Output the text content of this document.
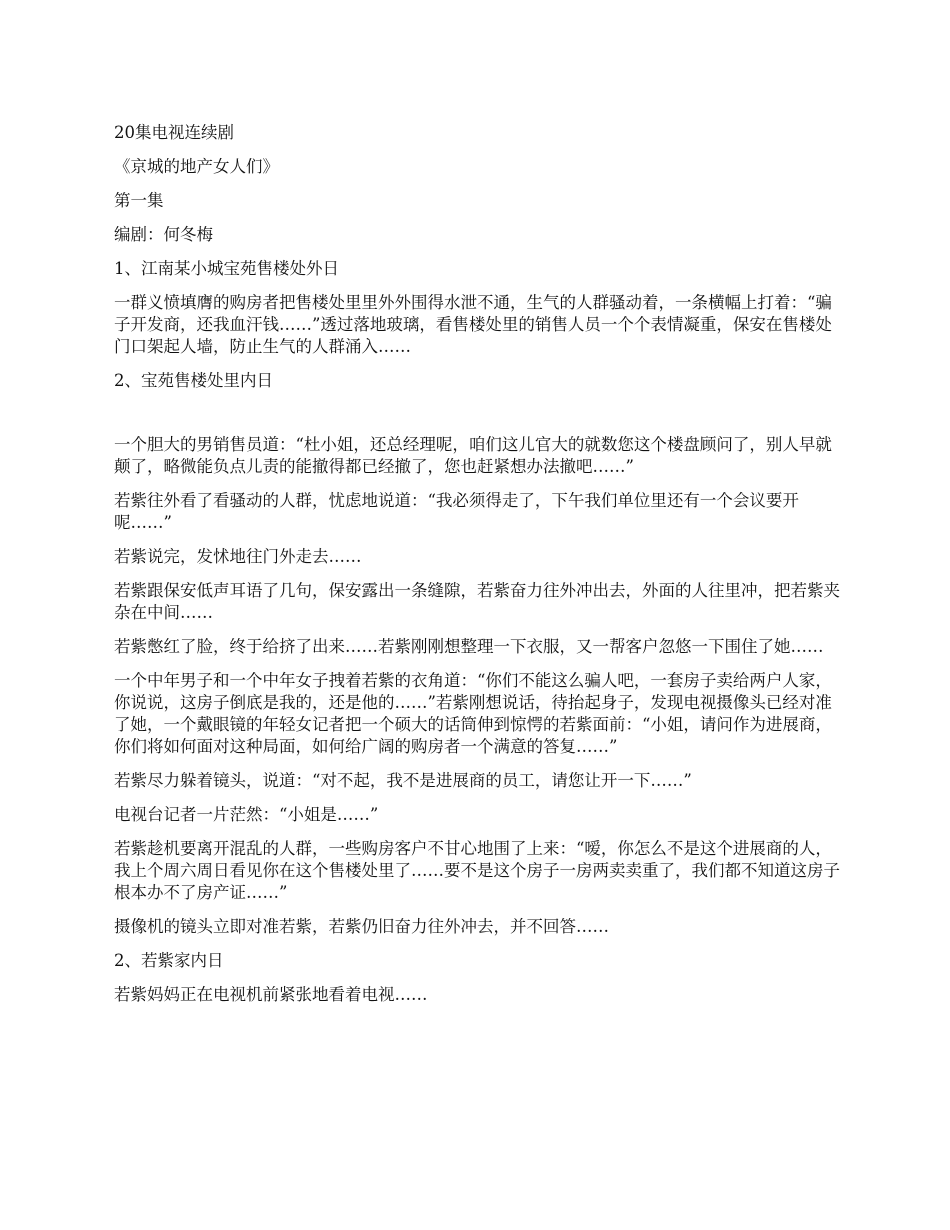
20集电视连续剧

《京城的地产女人们》

第一集

编剧：何冬梅

1、江南某小城宝苑售楼处外日

一群义愤填膺的购房者把售楼处里里外外围得水泄不通，生气的人群骚动着，一条横幅上打着：“骗子开发商，还我血汗钱……”透过落地玻璃，看售楼处里的销售人员一个个表情凝重，保安在售楼处门口架起人墙，防止生气的人群涌入……

2、宝苑售楼处里内日

一个胆大的男销售员道：“杜小姐，还总经理呢，咱们这儿官大的就数您这个楼盘顾问了，别人早就颠了，略微能负点儿责的能撤得都已经撤了，您也赶紧想办法撤吧……”

若紫往外看了看骚动的人群，忧虑地说道：“我必须得走了，下午我们单位里还有一个会议要开呢……”

若紫说完，发怵地往门外走去……

若紫跟保安低声耳语了几句，保安露出一条缝隙，若紫奋力往外冲出去，外面的人往里冲，把若紫夹杂在中间……

若紫憋红了脸，终于给挤了出来……若紫刚刚想整理一下衣服，又一帮客户忽悠一下围住了她……

一个中年男子和一个中年女子拽着若紫的衣角道：“你们不能这么骗人吧，一套房子卖给两户人家，你说说，这房子倒底是我的，还是他的……”若紫刚想说话，待抬起身子，发现电视摄像头已经对准了她，一个戴眼镜的年轻女记者把一个硕大的话筒伸到惊愕的若紫面前：“小姐，请问作为进展商，你们将如何面对这种局面，如何给广阔的购房者一个满意的答复……”

若紫尽力躲着镜头，说道：“对不起，我不是进展商的员工，请您让开一下……”

电视台记者一片茫然：“小姐是……”

若紫趁机要离开混乱的人群，一些购房客户不甘心地围了上来：“嗳，你怎么不是这个进展商的人，我上个周六周日看见你在这个售楼处里了……要不是这个房子一房两卖卖重了，我们都不知道这房子根本办不了房产证……”

摄像机的镜头立即对准若紫，若紫仍旧奋力往外冲去，并不回答……

2、若紫家内日

若紫妈妈正在电视机前紧张地看着电视……
